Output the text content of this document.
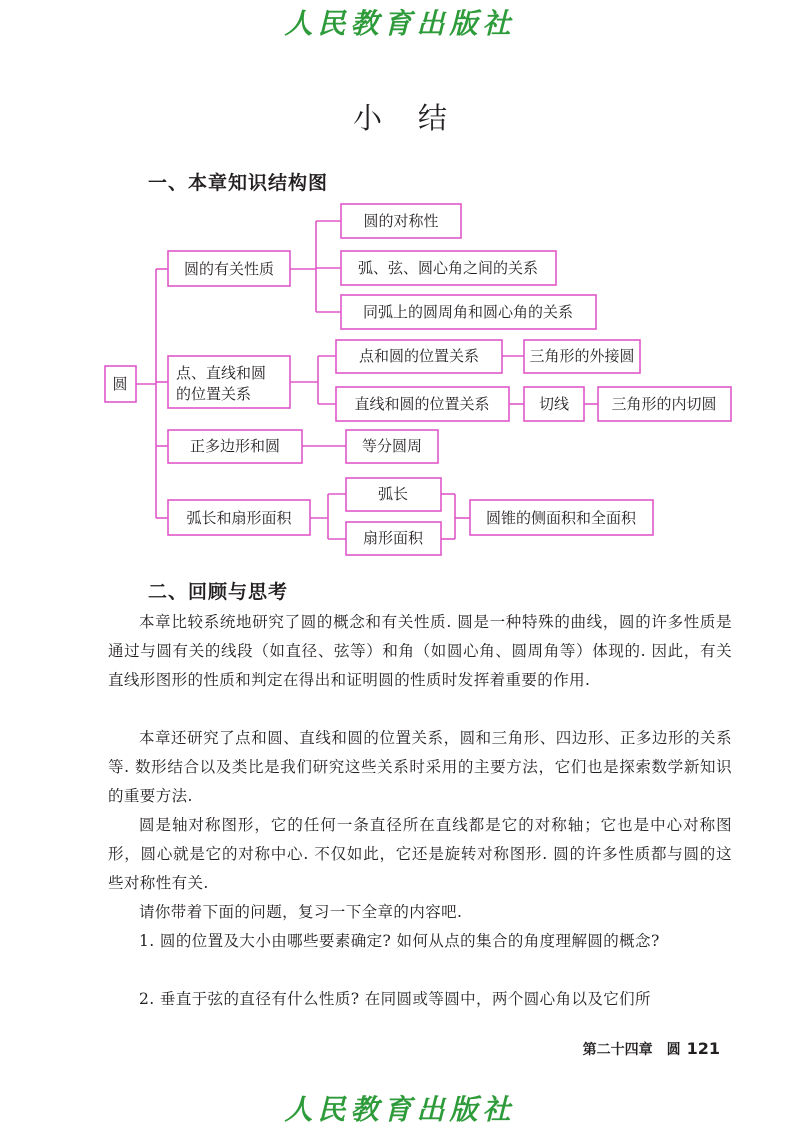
人民教育出版社
小结
一、本章知识结构图
圆
圆的有关性质
圆的对称性
弧、弦、圆心角之间的关系
同弧上的圆周角和圆心角的关系
点、直线和圆
的位置关系
点和圆的位置关系	三角形的外接圆
直线和圆的位置关系	切线	三角形的内切圆
正多边形和圆	等分圆周
弧长和扇形面积
弧长
扇形面积
圆锥的侧面积和全面积
二、回顾与思考

本章比较系统地研究了圆的概念和有关性质. 圆是一种特殊的曲线，圆的许多性质是通过与圆有关的线段（如直径、弦等）和角（如圆心角、圆周角等）体现的. 因此，有关直线形图形的性质和判定在得出和证明圆的性质时发挥着重要的作用.

本章还研究了点和圆、直线和圆的位置关系，圆和三角形、四边形、正多边形的关系等. 数形结合以及类比是我们研究这些关系时采用的主要方法，它们也是探索数学新知识的重要方法.

圆是轴对称图形，它的任何一条直径所在直线都是它的对称轴；它也是中心对称图形，圆心就是它的对称中心. 不仅如此，它还是旋转对称图形. 圆的许多性质都与圆的这些对称性有关.

请你带着下面的问题，复习一下全章的内容吧.

1. 圆的位置及大小由哪些要素确定? 如何从点的集合的角度理解圆的概念?

2. 垂直于弦的直径有什么性质? 在同圆或等圆中，两个圆心角以及它们所

第二十四章　圆 121
人民教育出版社
